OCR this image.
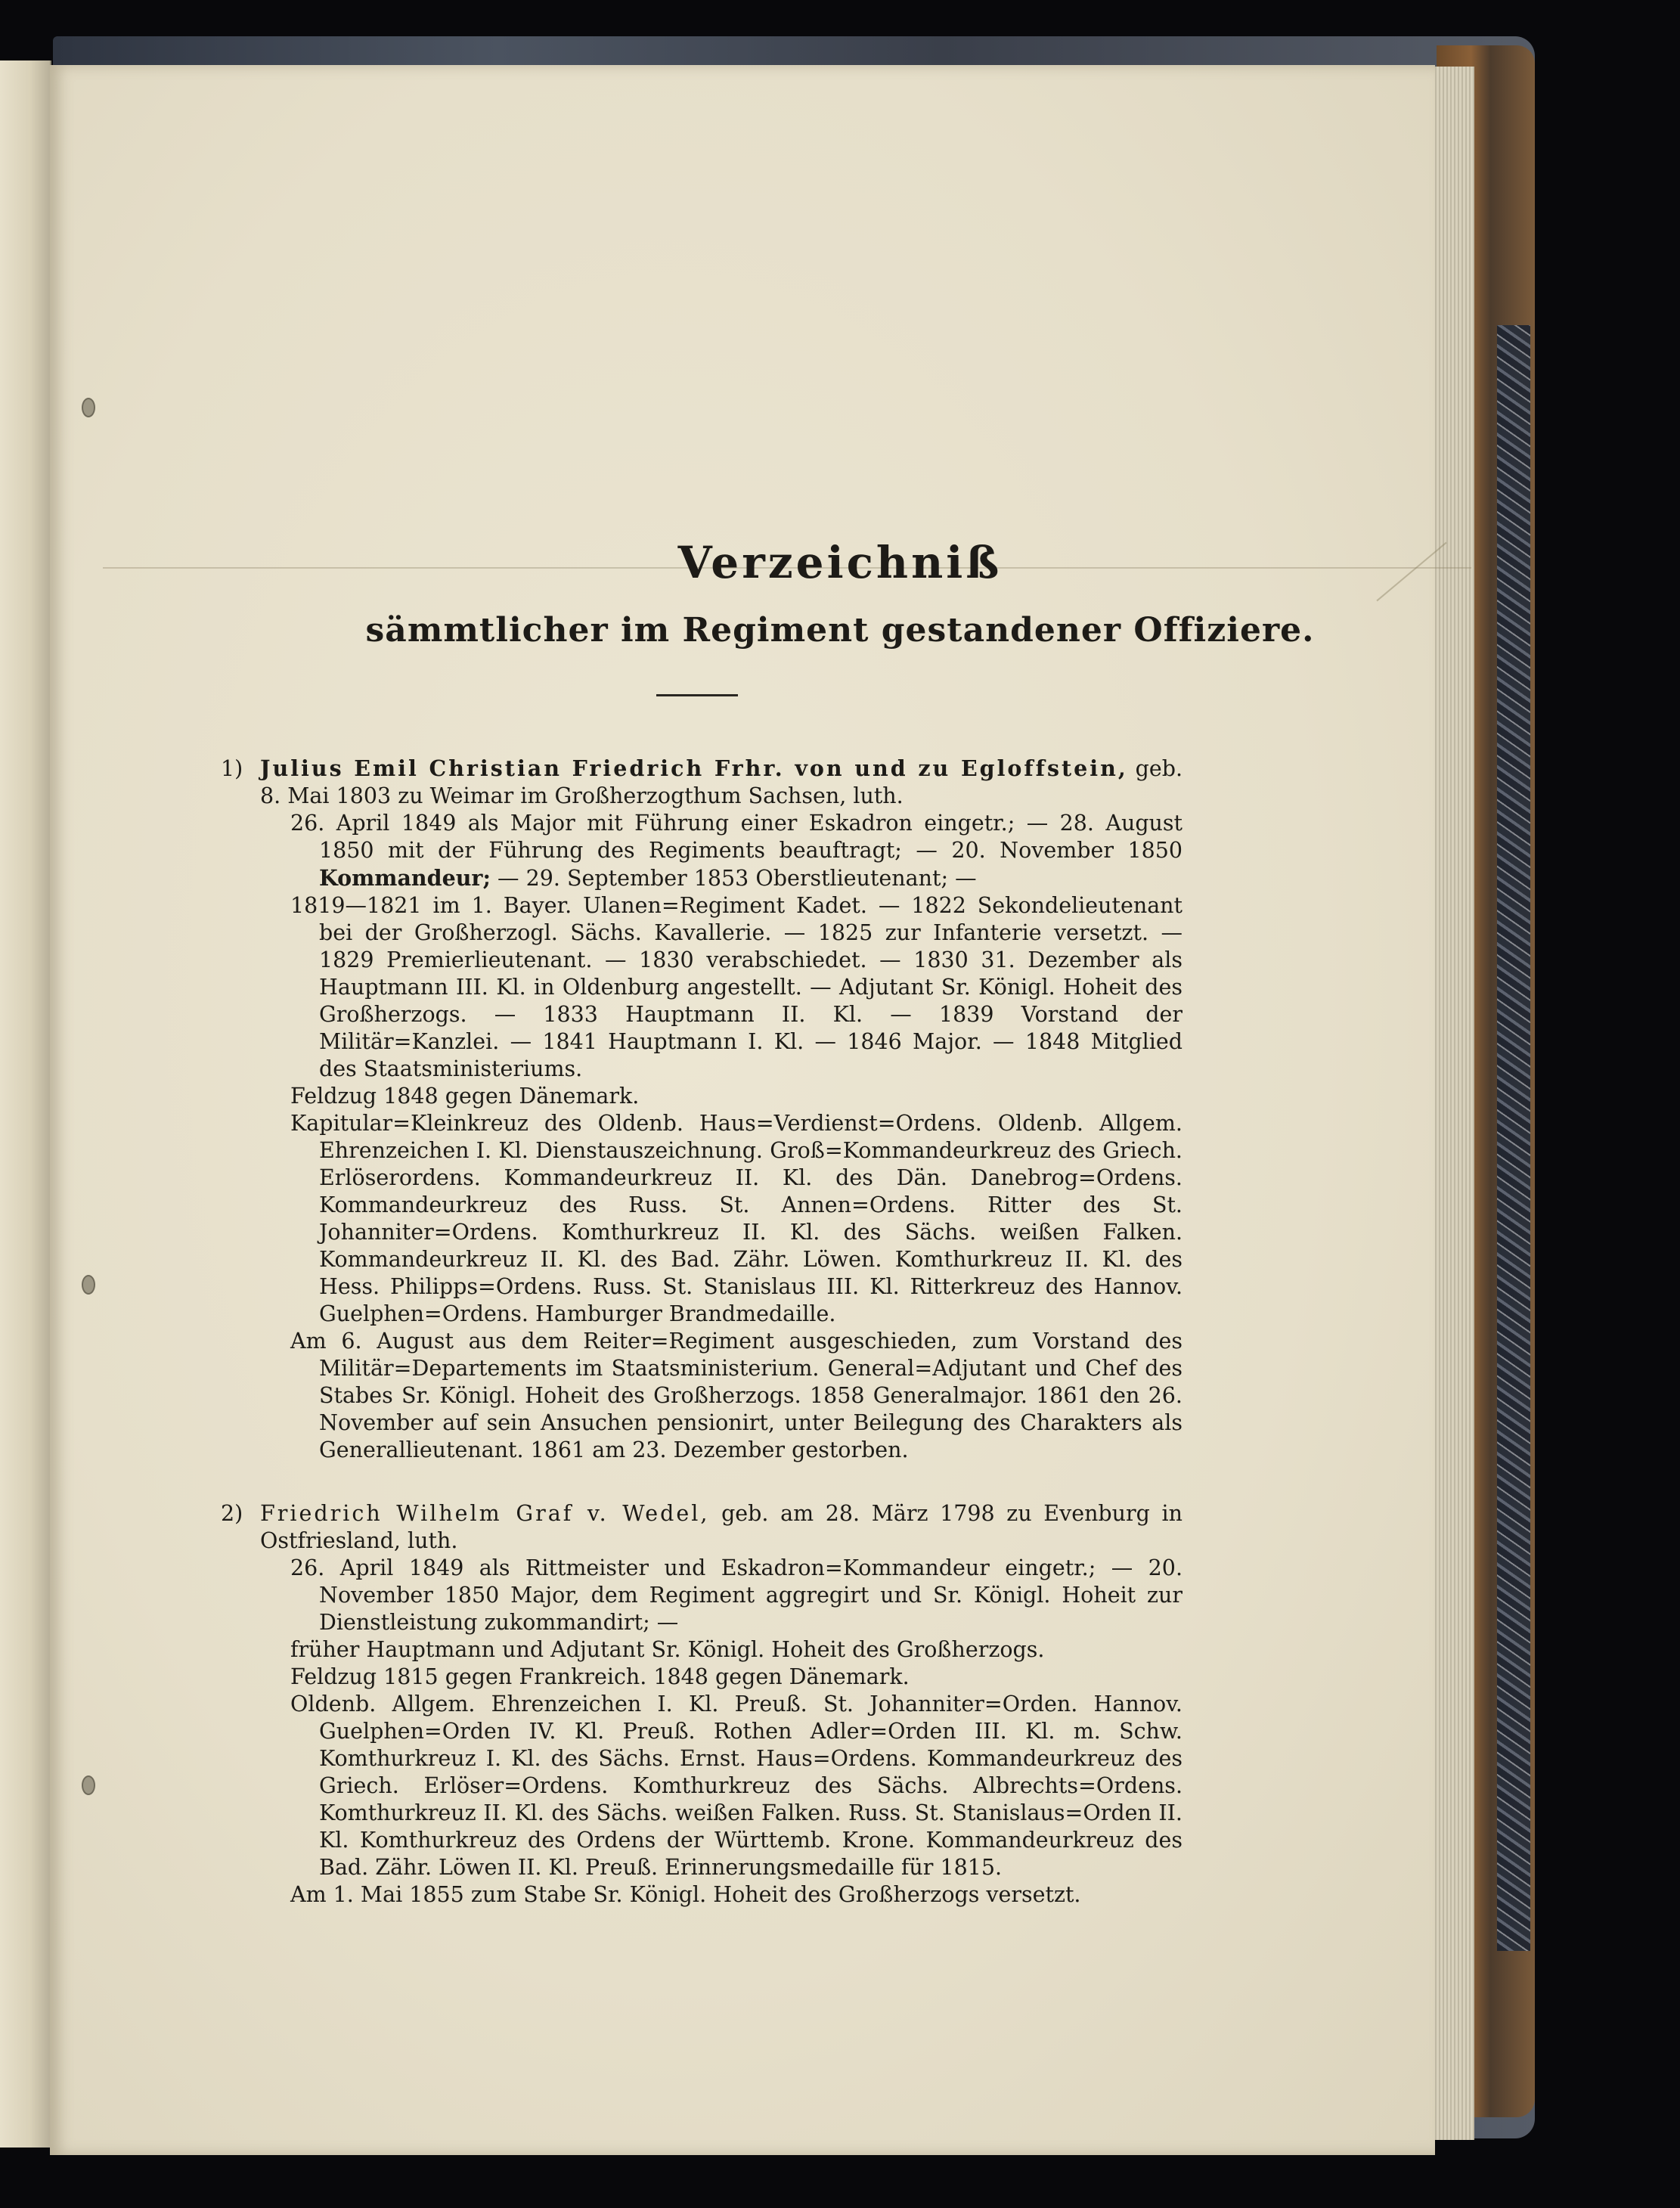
Verzeichniß
sämmtlicher im Regiment gestandener Offiziere.
1) Julius Emil Christian Friedrich Frhr. von und zu Egloffstein, geb. 8. Mai 1803 zu Weimar im Großherzogthum Sachsen, luth.
26. April 1849 als Major mit Führung einer Eskadron eingetr.; — 28. August 1850 mit der Führung des Regiments beauftragt; — 20. November 1850 Kommandeur; — 29. September 1853 Oberstlieutenant; —
1819—1821 im 1. Bayer. Ulanen=Regiment Kadet. — 1822 Sekondelieutenant bei der Großherzogl. Sächs. Kavallerie. — 1825 zur Infanterie versetzt. — 1829 Premierlieutenant. — 1830 verabschiedet. — 1830 31. Dezember als Hauptmann III. Kl. in Oldenburg angestellt. — Adjutant Sr. Königl. Hoheit des Großherzogs. — 1833 Hauptmann II. Kl. — 1839 Vorstand der Militär=Kanzlei. — 1841 Hauptmann I. Kl. — 1846 Major. — 1848 Mitglied des Staatsministeriums.
Feldzug 1848 gegen Dänemark.
Kapitular=Kleinkreuz des Oldenb. Haus=Verdienst=Ordens. Oldenb. Allgem. Ehrenzeichen I. Kl. Dienstauszeichnung. Groß=Kommandeurkreuz des Griech. Erlöserordens. Kommandeurkreuz II. Kl. des Dän. Danebrog=Ordens. Kommandeurkreuz des Russ. St. Annen=Ordens. Ritter des St. Johanniter=Ordens. Komthurkreuz II. Kl. des Sächs. weißen Falken. Kommandeurkreuz II. Kl. des Bad. Zähr. Löwen. Komthurkreuz II. Kl. des Hess. Philipps=Ordens. Russ. St. Stanislaus III. Kl. Ritterkreuz des Hannov. Guelphen=Ordens. Hamburger Brandmedaille.
Am 6. August aus dem Reiter=Regiment ausgeschieden, zum Vorstand des Militär=Departements im Staatsministerium. General=Adjutant und Chef des Stabes Sr. Königl. Hoheit des Großherzogs. 1858 Generalmajor. 1861 den 26. November auf sein Ansuchen pensionirt, unter Beilegung des Charakters als Generallieutenant. 1861 am 23. Dezember gestorben.
2) Friedrich Wilhelm Graf v. Wedel, geb. am 28. März 1798 zu Evenburg in Ostfriesland, luth.
26. April 1849 als Rittmeister und Eskadron=Kommandeur eingetr.; — 20. November 1850 Major, dem Regiment aggregirt und Sr. Königl. Hoheit zur Dienstleistung zukommandirt; —
früher Hauptmann und Adjutant Sr. Königl. Hoheit des Großherzogs.
Feldzug 1815 gegen Frankreich. 1848 gegen Dänemark.
Oldenb. Allgem. Ehrenzeichen I. Kl. Preuß. St. Johanniter=Orden. Hannov. Guelphen=Orden IV. Kl. Preuß. Rothen Adler=Orden III. Kl. m. Schw. Komthurkreuz I. Kl. des Sächs. Ernst. Haus=Ordens. Kommandeurkreuz des Griech. Erlöser=Ordens. Komthurkreuz des Sächs. Albrechts=Ordens. Komthurkreuz II. Kl. des Sächs. weißen Falken. Russ. St. Stanislaus=Orden II. Kl. Komthurkreuz des Ordens der Württemb. Krone. Kommandeurkreuz des Bad. Zähr. Löwen II. Kl. Preuß. Erinnerungsmedaille für 1815.
Am 1. Mai 1855 zum Stabe Sr. Königl. Hoheit des Großherzogs versetzt.
